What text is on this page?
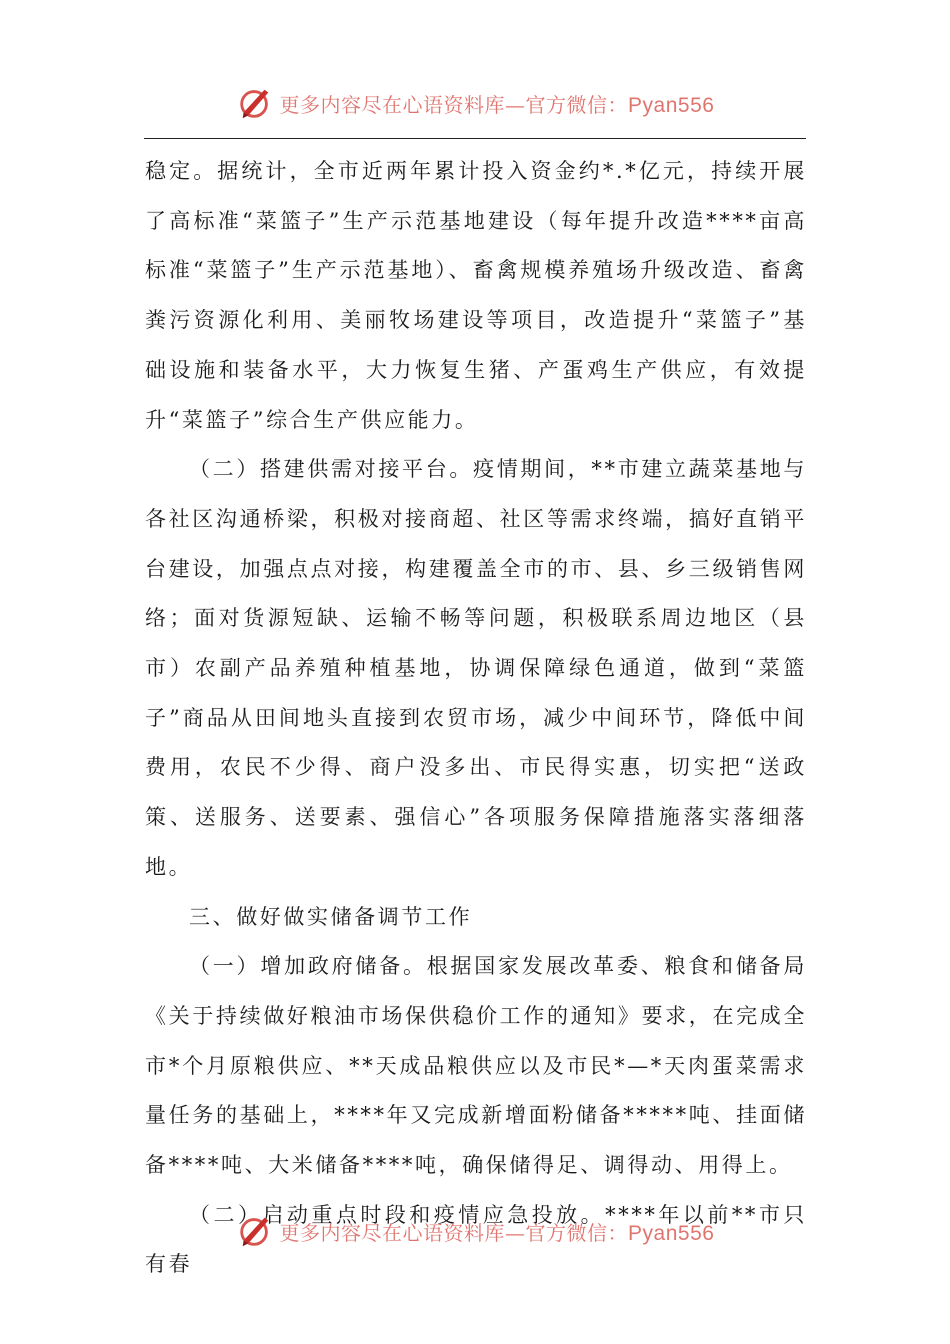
更多内容尽在心语资料库—官方微信：Pyan556

稳定。据统计，全市近两年累计投入资金约*.*亿元，持续开展了高标准“菜篮子”生产示范基地建设（每年提升改造****亩高标准“菜篮子”生产示范基地）、畜禽规模养殖场升级改造、畜禽粪污资源化利用、美丽牧场建设等项目，改造提升“菜篮子”基础设施和装备水平，大力恢复生猪、产蛋鸡生产供应，有效提升“菜篮子”综合生产供应能力。

（二）搭建供需对接平台。疫情期间，**市建立蔬菜基地与各社区沟通桥梁，积极对接商超、社区等需求终端，搞好直销平台建设，加强点点对接，构建覆盖全市的市、县、乡三级销售网络；面对货源短缺、运输不畅等问题，积极联系周边地区（县市）农副产品养殖种植基地，协调保障绿色通道，做到“菜篮子”商品从田间地头直接到农贸市场，减少中间环节，降低中间费用，农民不少得、商户没多出、市民得实惠，切实把“送政策、送服务、送要素、强信心”各项服务保障措施落实落细落地。

三、做好做实储备调节工作

（一）增加政府储备。根据国家发展改革委、粮食和储备局《关于持续做好粮油市场保供稳价工作的通知》要求，在完成全市*个月原粮供应、**天成品粮供应以及市民*—*天肉蛋菜需求量任务的基础上，****年又完成新增面粉储备*****吨、挂面储备****吨、大米储备****吨，确保储得足、调得动、用得上。

（二）启动重点时段和疫情应急投放。****年以前**市只有春

更多内容尽在心语资料库—官方微信：Pyan556
